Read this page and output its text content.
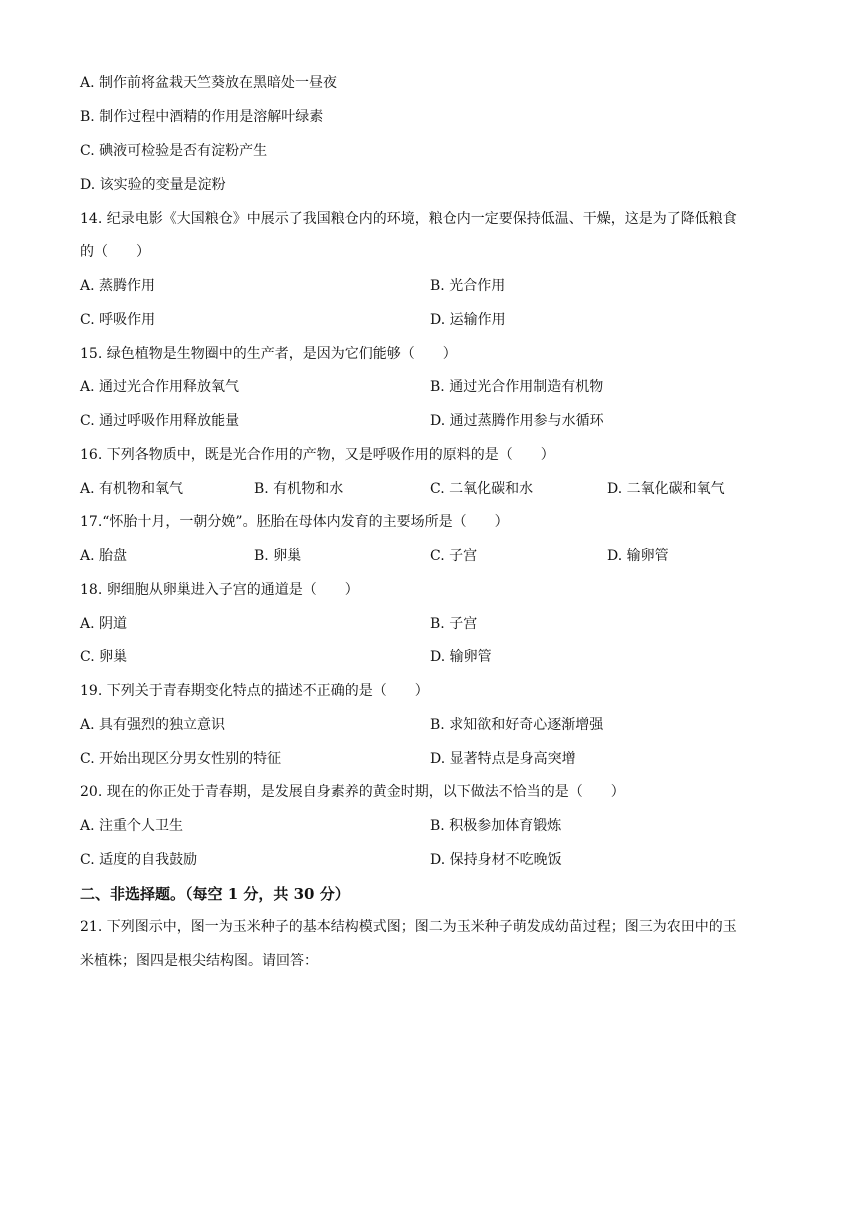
A. 制作前将盆栽天竺葵放在黑暗处一昼夜
B. 制作过程中酒精的作用是溶解叶绿素
C. 碘液可检验是否有淀粉产生
D. 该实验的变量是淀粉
14. 纪录电影《大国粮仓》中展示了我国粮仓内的环境，粮仓内一定要保持低温、干燥，这是为了降低粮食
的（　　）
A. 蒸腾作用	B. 光合作用
C. 呼吸作用	D. 运输作用
15. 绿色植物是生物圈中的生产者，是因为它们能够（　　）
A. 通过光合作用释放氧气	B. 通过光合作用制造有机物
C. 通过呼吸作用释放能量	D. 通过蒸腾作用参与水循环
16. 下列各物质中，既是光合作用的产物，又是呼吸作用的原料的是（　　）
A. 有机物和氧气	B. 有机物和水	C. 二氧化碳和水	D. 二氧化碳和氧气
17.“怀胎十月，一朝分娩”。胚胎在母体内发育的主要场所是（　　）
A. 胎盘	B. 卵巢	C. 子宫	D. 输卵管
18. 卵细胞从卵巢进入子宫的通道是（　　）
A. 阴道	B. 子宫
C. 卵巢	D. 输卵管
19. 下列关于青春期变化特点的描述不正确的是（　　）
A. 具有强烈的独立意识	B. 求知欲和好奇心逐渐增强
C. 开始出现区分男女性别的特征	D. 显著特点是身高突增
20. 现在的你正处于青春期，是发展自身素养的黄金时期，以下做法不恰当的是（　　）
A. 注重个人卫生	B. 积极参加体育锻炼
C. 适度的自我鼓励	D. 保持身材不吃晚饭
二、非选择题。（每空 1 分，共 30 分）
21. 下列图示中，图一为玉米种子的基本结构模式图；图二为玉米种子萌发成幼苗过程；图三为农田中的玉
米植株；图四是根尖结构图。请回答：
